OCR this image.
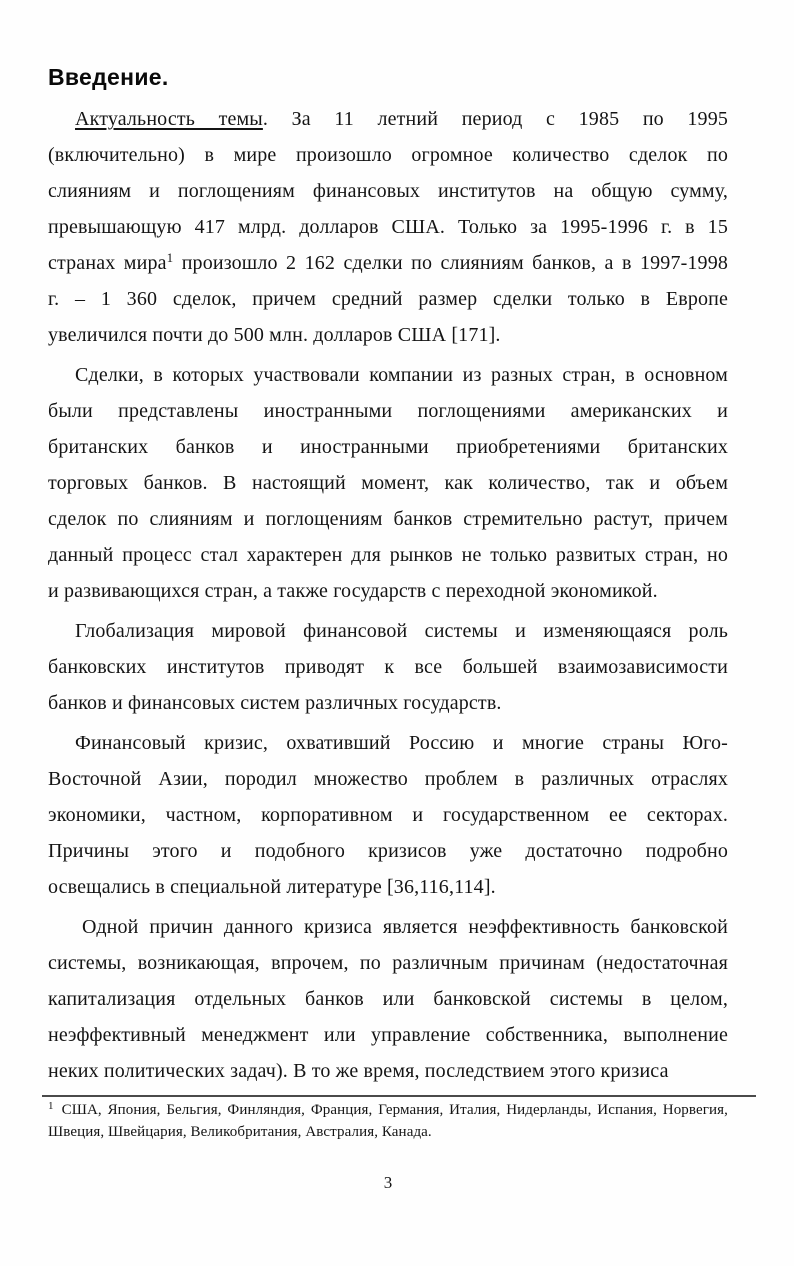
Введение.
Актуальность темы. За 11 летний период с 1985 по 1995
(включительно) в мире произошло огромное количество сделок по
слияниям и поглощениям финансовых институтов на общую сумму,
превышающую 417 млрд. долларов США. Только за 1995-1996 г. в 15
странах мира$^1$ произошло 2 162 сделки по слияниям банков, а в 1997-1998
г. – 1 360 сделок, причем средний размер сделки только в Европе
увеличился почти до 500 млн. долларов США [171].
Сделки, в которых участвовали компании из разных стран, в основном
были представлены иностранными поглощениями американских и
британских банков и иностранными приобретениями британских
торговых банков. В настоящий момент, как количество, так и объем
сделок по слияниям и поглощениям банков стремительно растут, причем
данный процесс стал характерен для рынков не только развитых стран, но
и развивающихся стран, а также государств с переходной экономикой.
Глобализация мировой финансовой системы и изменяющаяся роль
банковских институтов приводят к все большей взаимозависимости
банков и финансовых систем различных государств.
Финансовый кризис, охвативший Россию и многие страны Юго-
Восточной Азии, породил множество проблем в различных отраслях
экономики, частном, корпоративном и государственном ее секторах.
Причины этого и подобного кризисов уже достаточно подробно
освещались в специальной литературе [36,116,114].
Одной причин данного кризиса является неэффективность банковской
системы, возникающая, впрочем, по различным причинам (недостаточная
капитализация отдельных банков или банковской системы в целом,
неэффективный менеджмент или управление собственника, выполнение
неких политических задач). В то же время, последствием этого кризиса
$^1$ США, Япония, Бельгия, Финляндия, Франция, Германия, Италия, Нидерланды, Испания, Норвегия,
Швеция, Швейцария, Великобритания, Австралия, Канада.
3
